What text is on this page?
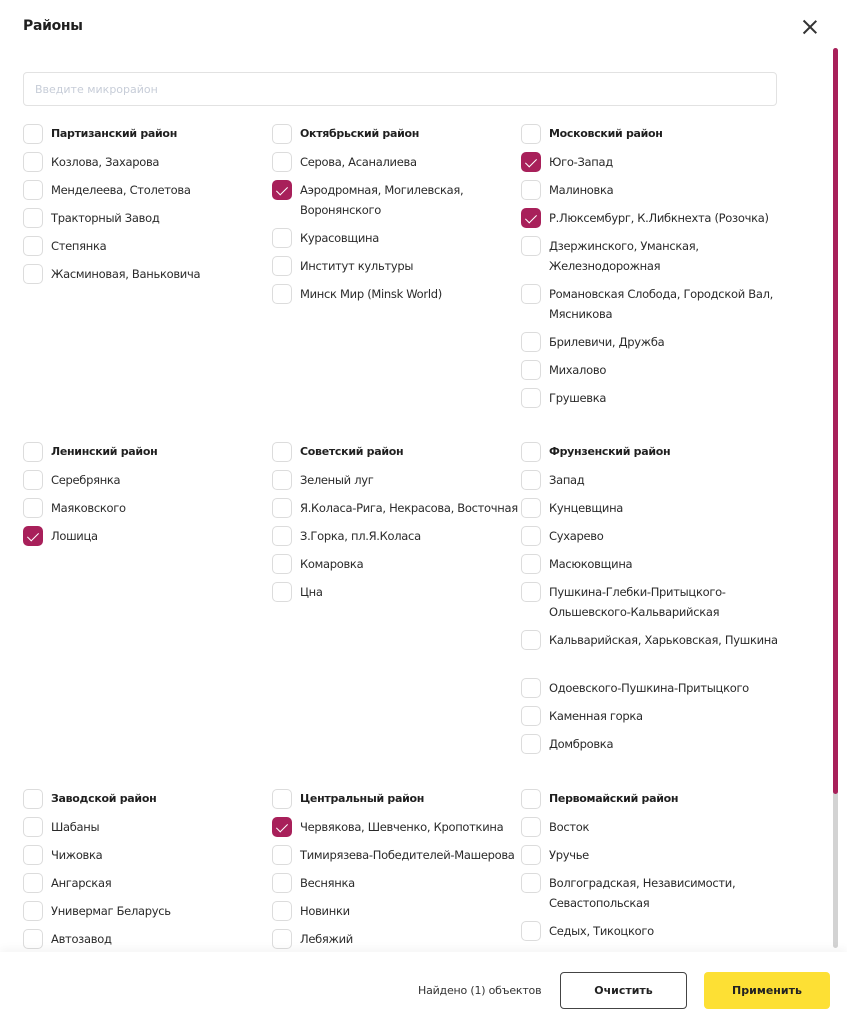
Районы
Введите микрорайон
Партизанский район
Козлова, Захарова
Менделеева, Столетова
Тракторный Завод
Степянка
Жасминовая, Ваньковича
Октябрьский район
Серова, Асаналиева
Аэродромная, Могилевская, Воронянского
Курасовщина
Институт культуры
Минск Мир (Minsk World)
Московский район
Юго-Запад
Малиновка
Р.Люксембург, К.Либкнехта (Розочка)
Дзержинского, Уманская, Железнодорожная
Романовская Слобода, Городской Вал, Мясникова
Брилевичи, Дружба
Михалово
Грушевка
Ленинский район
Серебрянка
Маяковского
Лошица
Советский район
Зеленый луг
Я.Коласа-Рига, Некрасова, Восточная
З.Горка, пл.Я.Коласа
Комаровка
Цна
Фрунзенский район
Запад
Кунцевщина
Сухарево
Масюковщина
Пушкина-Глебки-Притыцкого-Ольшевского-Кальварийская
Кальварийская, Харьковская, Пушкина
Одоевского-Пушкина-Притыцкого
Каменная горка
Домбровка
Заводской район
Шабаны
Чижовка
Ангарская
Универмаг Беларусь
Автозавод
Центральный район
Червякова, Шевченко, Кропоткина
Тимирязева-Победителей-Машерова
Веснянка
Новинки
Лебяжий
Первомайский район
Восток
Уручье
Волгоградская, Независимости, Севастопольская
Седых, Тикоцкого
Найдено (1) объектов	Очистить	Применить
